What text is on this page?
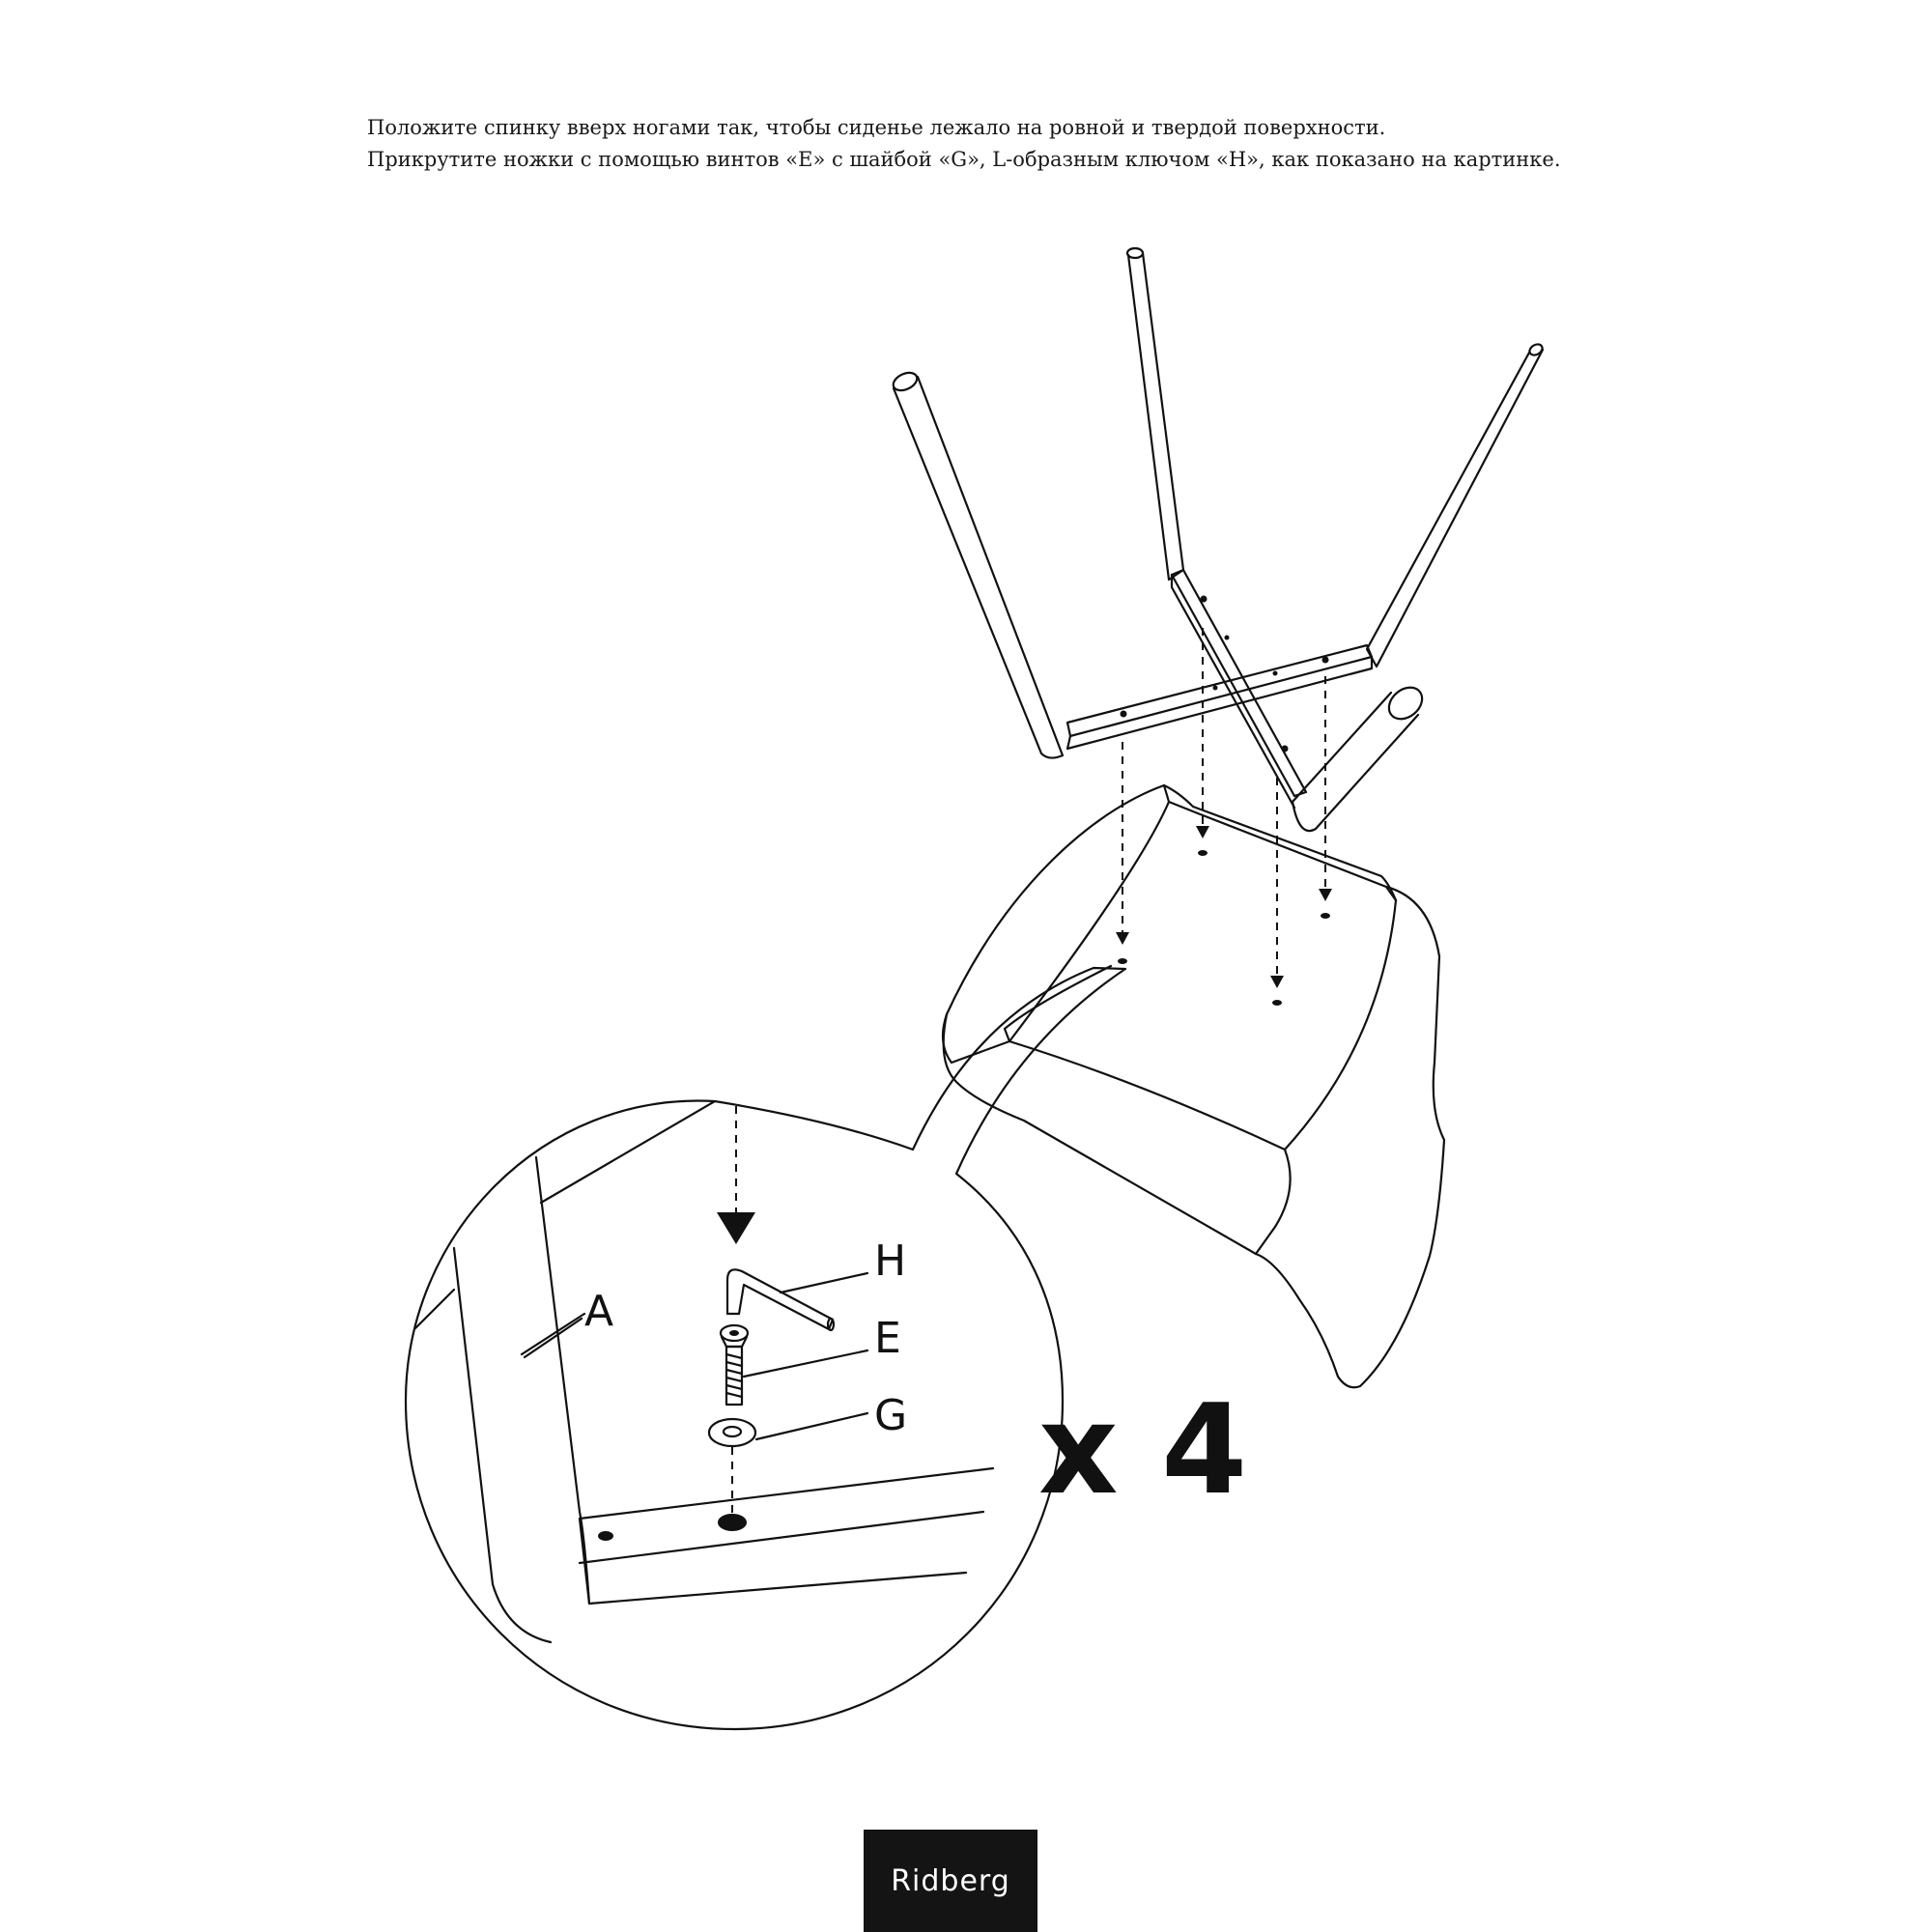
Положите спинку вверх ногами так, чтобы сиденье лежало на ровной и твердой поверхности.

Прикрутите ножки с помощью винтов «E» с шайбой «G», L-образным ключом «H», как показано на картинке.

A
H
E
G x 4
Ridberg
